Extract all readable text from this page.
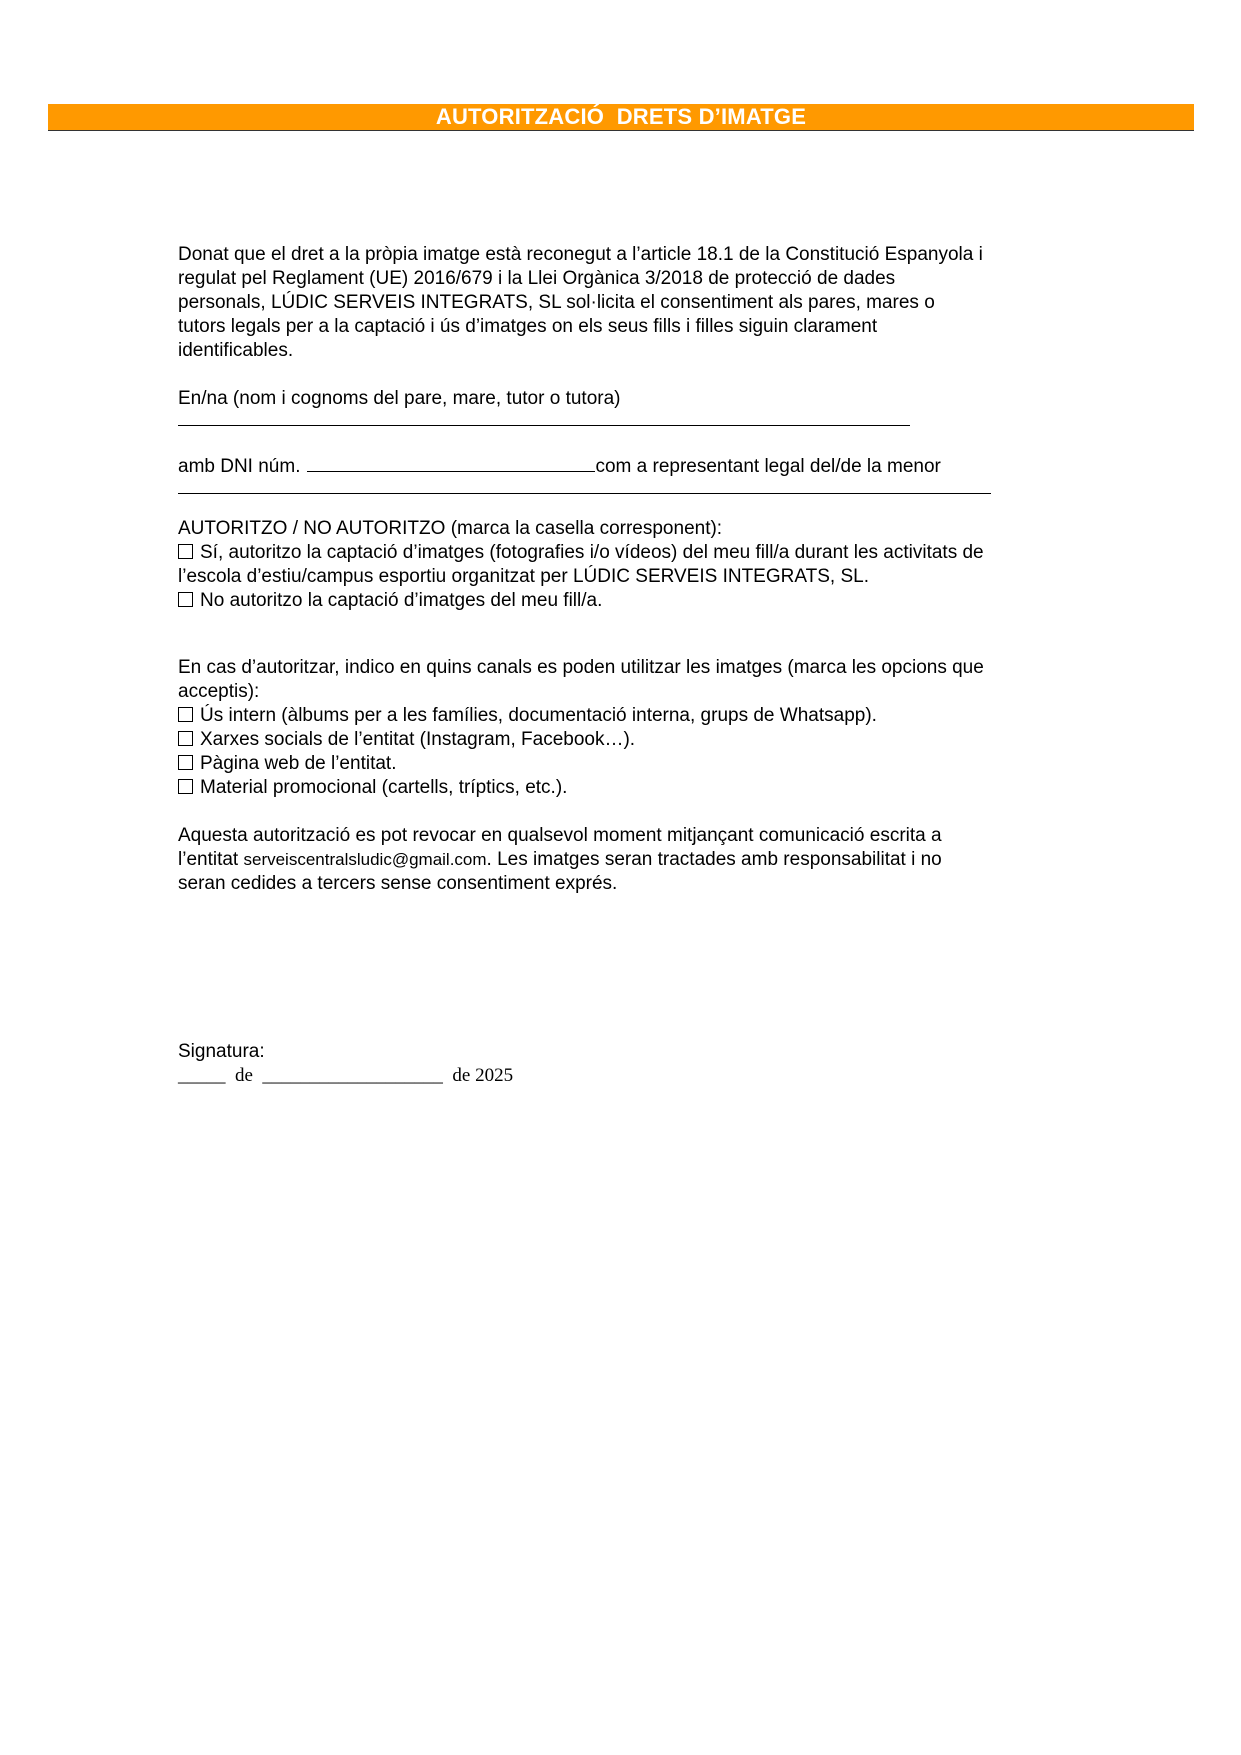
AUTORITZACIÓ  DRETS D’IMATGE
Donat que el dret a la pròpia imatge està reconegut a l’article 18.1 de la Constitució Espanyola i
regulat pel Reglament (UE) 2016/679 i la Llei Orgànica 3/2018 de protecció de dades
personals, LÚDIC SERVEIS INTEGRATS, SL sol·licita el consentiment als pares, mares o
tutors legals per a la captació i ús d’imatges on els seus fills i filles siguin clarament
identificables.
En/na (nom i cognoms del pare, mare, tutor o tutora)
amb DNI núm.	com a representant legal del/de la menor
AUTORITZO / NO AUTORITZO (marca la casella corresponent):
Sí, autoritzo la captació d’imatges (fotografies i/o vídeos) del meu fill/a durant les activitats de
l’escola d’estiu/campus esportiu organitzat per LÚDIC SERVEIS INTEGRATS, SL.
No autoritzo la captació d’imatges del meu fill/a.
En cas d’autoritzar, indico en quins canals es poden utilitzar les imatges (marca les opcions que
acceptis):
Ús intern (àlbums per a les famílies, documentació interna, grups de Whatsapp).
Xarxes socials de l’entitat (Instagram, Facebook…).
Pàgina web de l’entitat.
Material promocional (cartells, tríptics, etc.).
Aquesta autorització es pot revocar en qualsevol moment mitjançant comunicació escrita a
l’entitat serveiscentralsludic@gmail.com. Les imatges seran tractades amb responsabilitat i no
seran cedides a tercers sense consentiment exprés.
Signatura:
_____  de  ___________________  de 2025
